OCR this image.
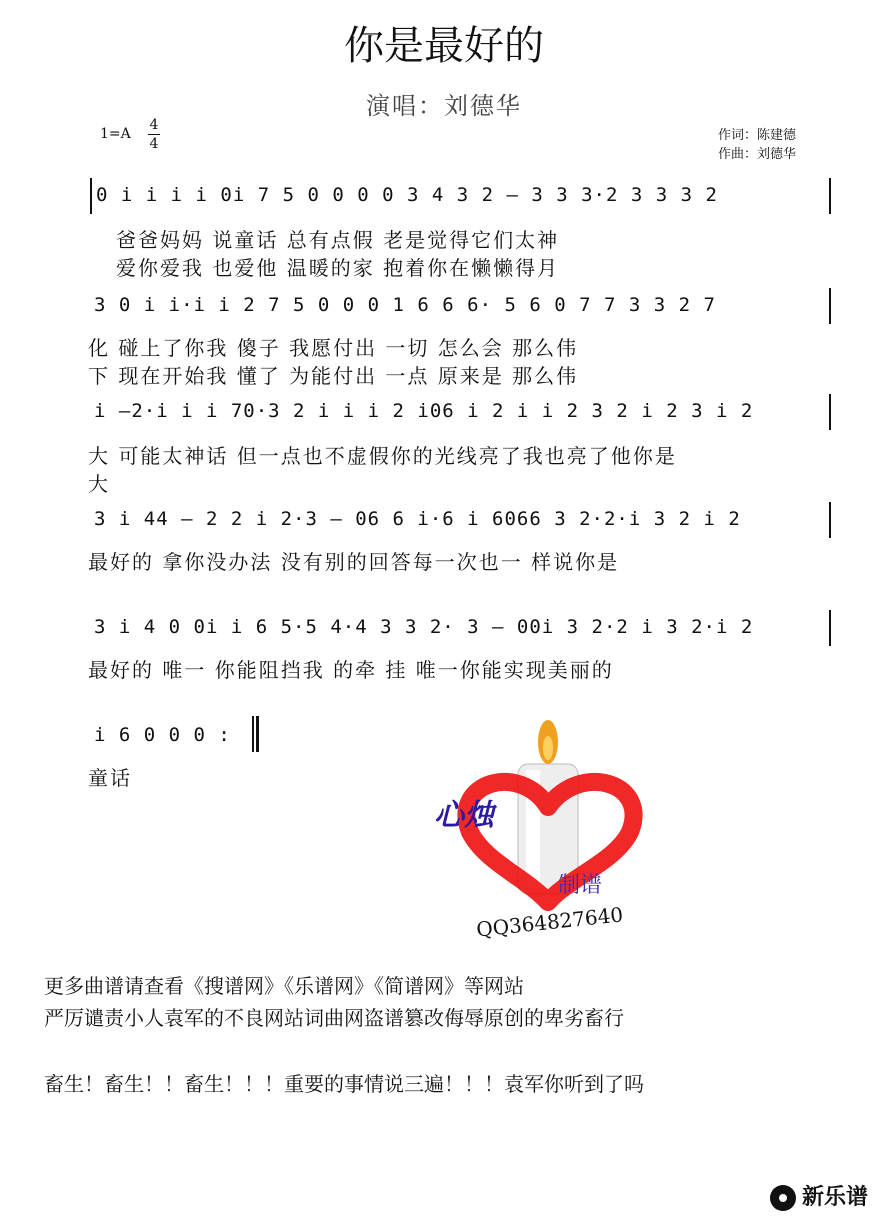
你是最好的
演唱：刘德华
1=A
4
4
作词：陈建德
作曲：刘德华
0 i i i i 0i 7 5 0 0 0 0 3 4 3 2 – 3 3 3·2 3 3 3 2
爸爸妈妈 说童话 总有点假 老是觉得它们太神
爱你爱我 也爱他 温暖的家 抱着你在懒懒得月
3 0 i i·i i 2 7 5 0 0 0 1 6 6 6· 5 6 0 7 7 3 3 2 7
化 碰上了你我 傻子 我愿付出 一切 怎么会 那么伟
下 现在开始我 懂了 为能付出 一点 原来是 那么伟
i –2·i i i 70·3 2 i i i 2 i06 i 2 i i 2 3 2 i 2 3 i 2
大 可能太神话 但一点也不虚假你的光线亮了我也亮了他你是
大
3 i 44 – 2 2 i 2·3 – 06 6 i·6 i 6066 3 2·2·i 3 2 i 2
最好的 拿你没办法 没有别的回答每一次也一 样说你是
3 i 4 0 0i i 6 5·5 4·4 3 3 2· 3 – 00i 3 2·2 i 3 2·i 2
最好的 唯一 你能阻挡我 的牵 挂 唯一你能实现美丽的
i 6 0 0 0 :
童话
心烛
制谱
QQ364827640
更多曲谱请查看《搜谱网》《乐谱网》《简谱网》等网站
严厉谴责小人袁军的不良网站词曲网盗谱篡改侮辱原创的卑劣畜行
畜生！畜生！！畜生！！！重要的事情说三遍！！！袁军你听到了吗
新乐谱
